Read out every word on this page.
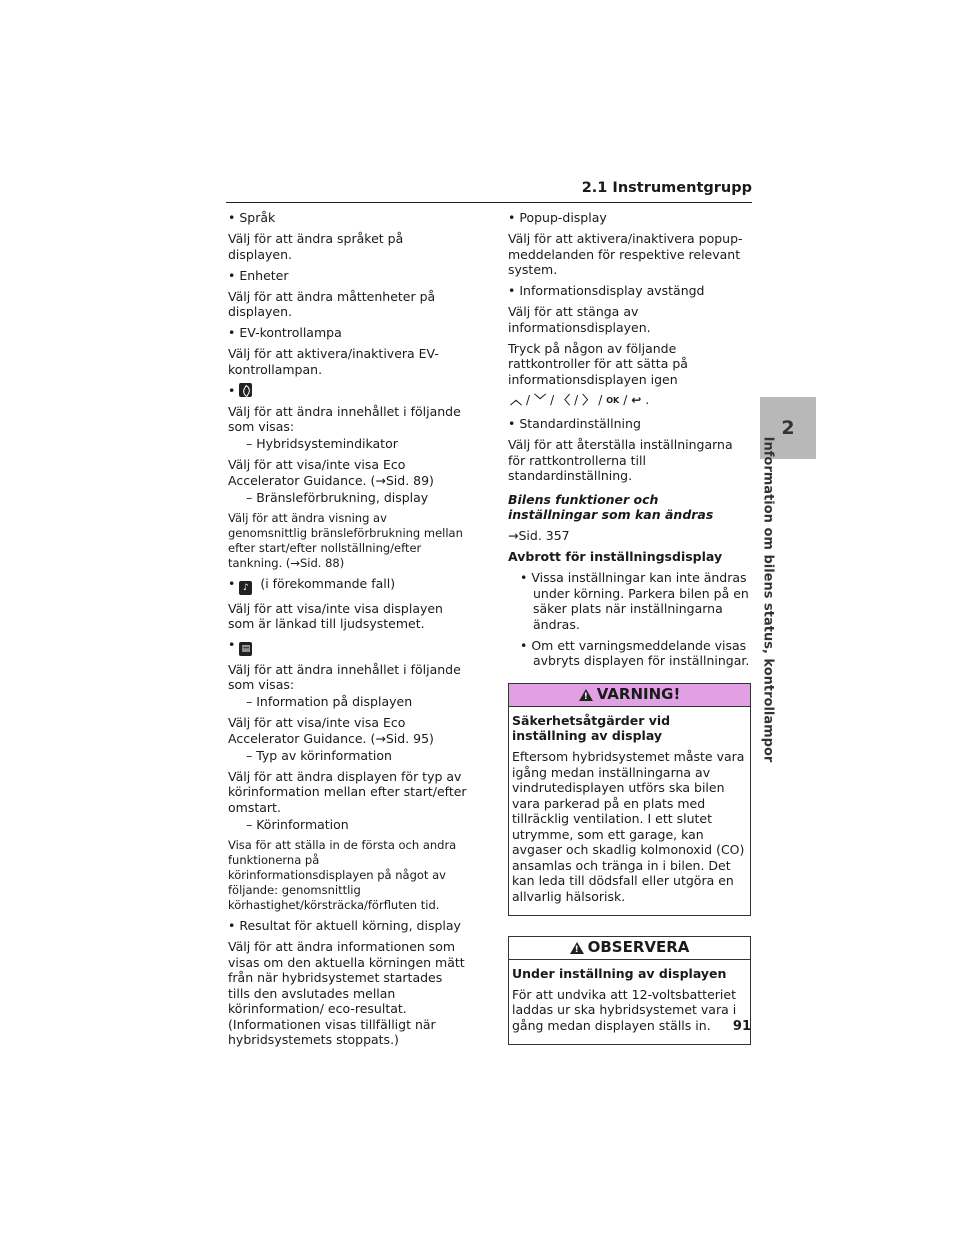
2.1 Instrumentgrupp
2
Information om bilens status, kontrollampor

• Språk

Välj för att ändra språket på displayen.

• Enheter

Välj för att ändra måttenheter på displayen.

• EV-kontrollampa

Välj för att aktivera/inaktivera EV-kontrollampan.

•

Välj för att ändra innehållet i följande som visas:

– Hybridsystemindikator

Välj för att visa/inte visa Eco Accelerator Guidance. (→Sid. 89)

– Bränsleförbrukning, display

Välj för att ändra visning av genomsnittlig bränsleförbrukning mellan efter start/efter nollställning/efter tankning. (→Sid. 88)

• ♪ (i förekommande fall)

Välj för att visa/inte visa displayen som är länkad till ljudsystemet.

• ▤

Välj för att ändra innehållet i följande som visas:

– Information på displayen

Välj för att visa/inte visa Eco Accelerator Guidance. (→Sid. 95)

– Typ av körinformation

Välj för att ändra displayen för typ av körinformation mellan efter start/efter omstart.

– Körinformation

Visa för att ställa in de första och andra funktionerna på körinformationsdisplayen på något av följande: genomsnittlig körhastighet/körsträcka/förfluten tid.

• Resultat för aktuell körning, display

Välj för att ändra informationen som visas om den aktuella körningen mätt från när hybridsystemet startades tills den avslutades mellan körinformation/ eco-resultat. (Informationen visas tillfälligt när hybridsystemets stoppats.)

• Popup-display

Välj för att aktivera/inaktivera popup-meddelanden för respektive relevant system.

• Informationsdisplay avstängd

Välj för att stänga av informationsdisplayen.

Tryck på någon av följande rattkontroller för att sätta på informationsdisplayen igen

︿ / ﹀ / 〈 / 〉 / OK / ↩ .

• Standardinställning

Välj för att återställa inställningarna för rattkontrollerna till standardinställning.

Bilens funktioner och inställningar som kan ändras

→Sid. 357

Avbrott för inställningsdisplay

• Vissa inställningar kan inte ändras under körning. Parkera bilen på en säker plats när inställningarna ändras.

• Om ett varningsmeddelande visas avbryts displayen för inställningar.

!
VARNING!

Säkerhetsåtgärder vid inställning av display

Eftersom hybridsystemet måste vara igång medan inställningarna av vindrutedisplayen utförs ska bilen vara parkerad på en plats med tillräcklig ventilation. I ett slutet utrymme, som ett garage, kan avgaser och skadlig kolmonoxid (CO) ansamlas och tränga in i bilen. Det kan leda till dödsfall eller utgöra en allvarlig hälsorisk.

!
OBSERVERA

Under inställning av displayen

För att undvika att 12-voltsbatteriet laddas ur ska hybridsystemet vara i gång medan displayen ställs in.	91
